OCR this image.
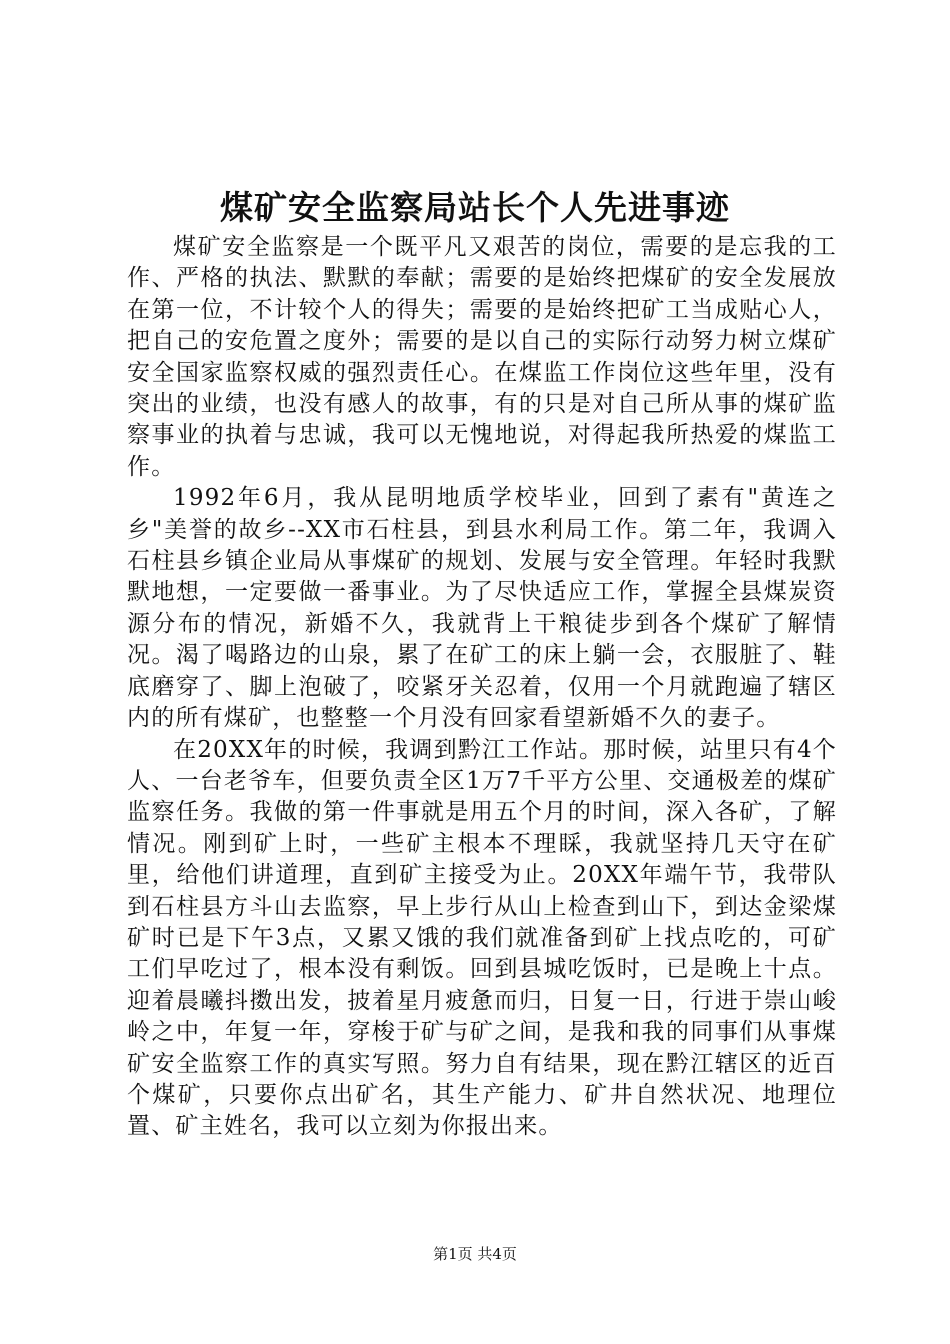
煤矿安全监察局站长个人先进事迹

煤矿安全监察是一个既平凡又艰苦的岗位，需要的是忘我的工作、严格的执法、默默的奉献；需要的是始终把煤矿的安全发展放在第一位，不计较个人的得失；需要的是始终把矿工当成贴心人，把自己的安危置之度外；需要的是以自己的实际行动努力树立煤矿安全国家监察权威的强烈责任心。在煤监工作岗位这些年里，没有突出的业绩，也没有感人的故事，有的只是对自己所从事的煤矿监察事业的执着与忠诚，我可以无愧地说，对得起我所热爱的煤监工作。

1992年6月，我从昆明地质学校毕业，回到了素有"黄连之乡"美誉的故乡--XX市石柱县，到县水利局工作。第二年，我调入石柱县乡镇企业局从事煤矿的规划、发展与安全管理。年轻时我默默地想，一定要做一番事业。为了尽快适应工作，掌握全县煤炭资源分布的情况，新婚不久，我就背上干粮徒步到各个煤矿了解情况。渴了喝路边的山泉，累了在矿工的床上躺一会，衣服脏了、鞋底磨穿了、脚上泡破了，咬紧牙关忍着，仅用一个月就跑遍了辖区内的所有煤矿，也整整一个月没有回家看望新婚不久的妻子。

在20XX年的时候，我调到黔江工作站。那时候，站里只有4个人、一台老爷车，但要负责全区1万7千平方公里、交通极差的煤矿监察任务。我做的第一件事就是用五个月的时间，深入各矿，了解情况。刚到矿上时，一些矿主根本不理睬，我就坚持几天守在矿里，给他们讲道理，直到矿主接受为止。20XX年端午节，我带队到石柱县方斗山去监察，早上步行从山上检查到山下，到达金梁煤矿时已是下午3点，又累又饿的我们就准备到矿上找点吃的，可矿工们早吃过了，根本没有剩饭。回到县城吃饭时，已是晚上十点。迎着晨曦抖擞出发，披着星月疲惫而归，日复一日，行进于崇山峻岭之中，年复一年，穿梭于矿与矿之间，是我和我的同事们从事煤矿安全监察工作的真实写照。努力自有结果，现在黔江辖区的近百个煤矿，只要你点出矿名，其生产能力、矿井自然状况、地理位置、矿主姓名，我可以立刻为你报出来。

第1页 共4页
